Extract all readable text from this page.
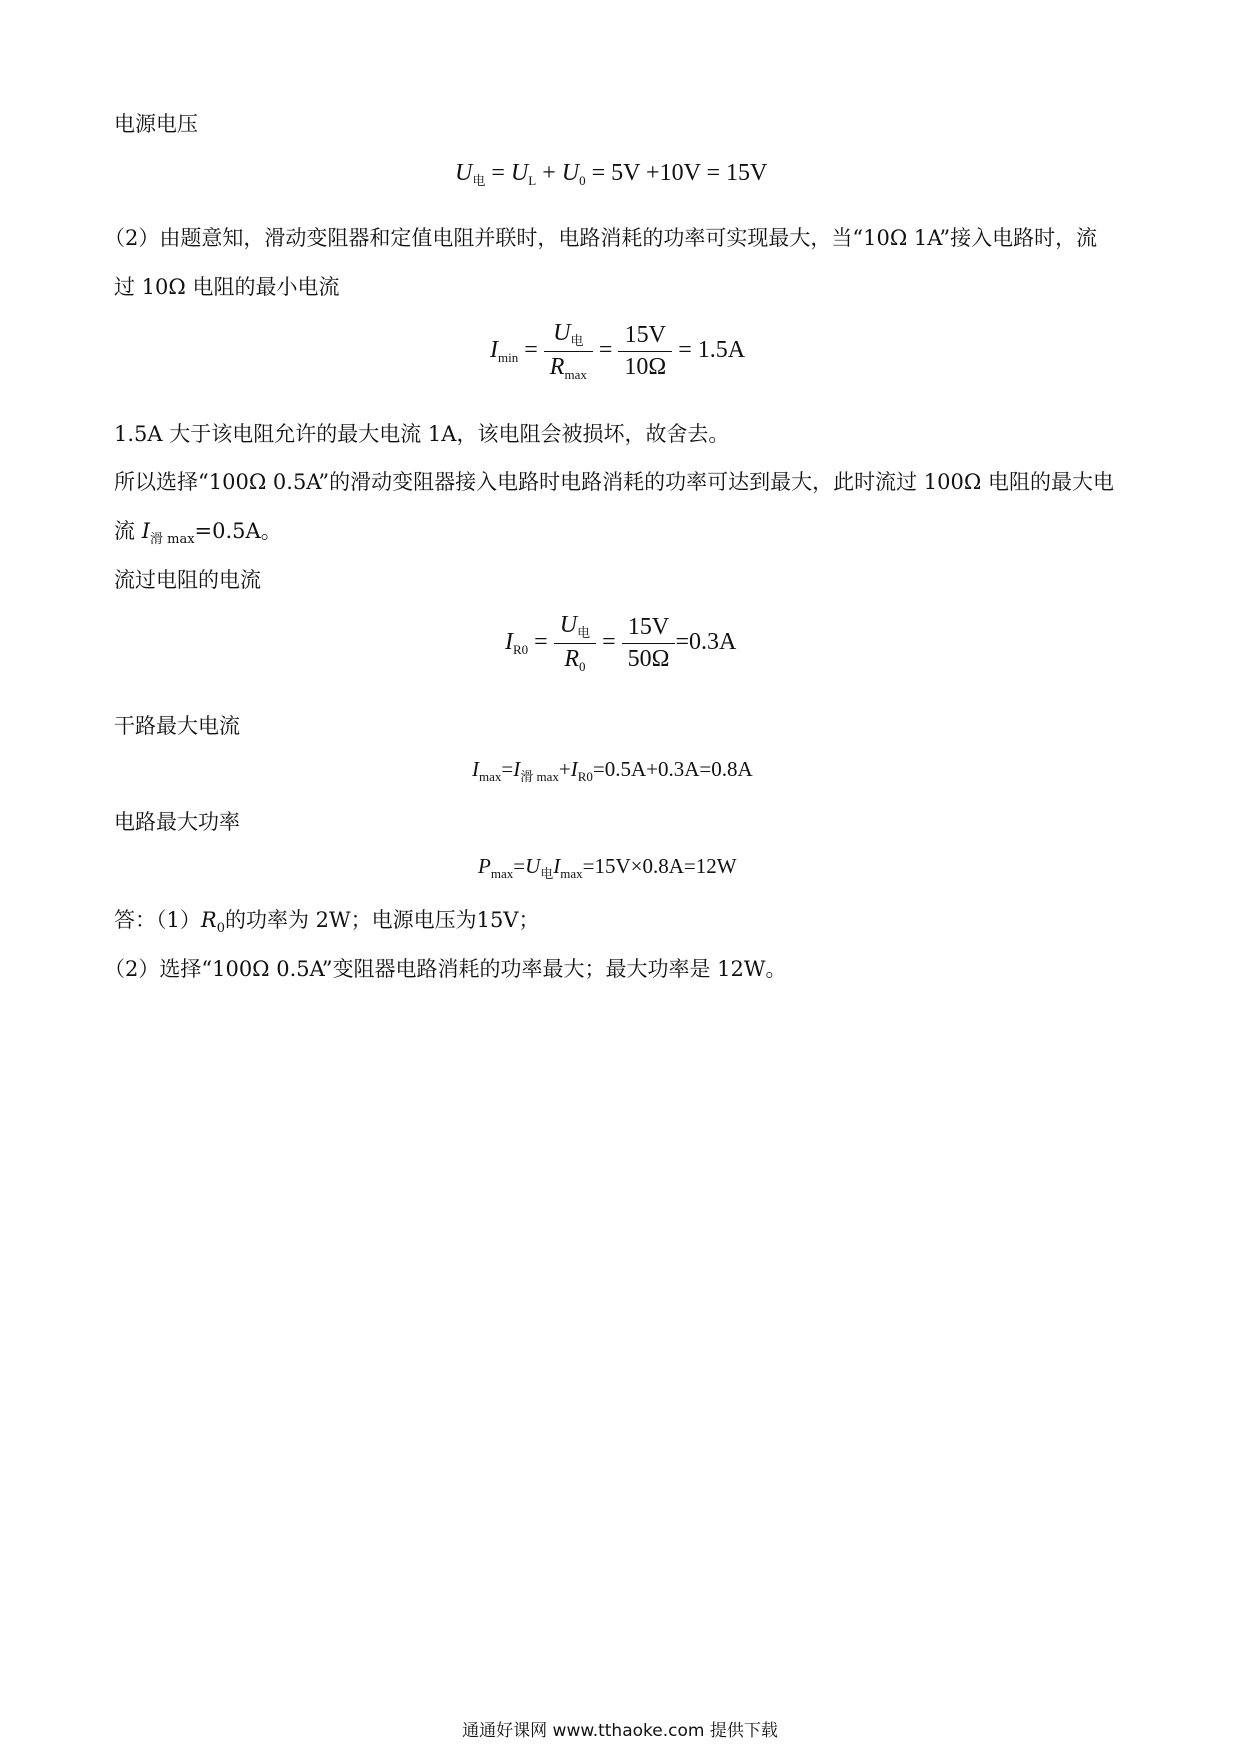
电源电压
$U_电 = U_L + U_0 = 5V +10V = 15V$
（2）由题意知，滑动变阻器和定值电阻并联时，电路消耗的功率可实现最大，当“10Ω 1A”接入电路时，流
过 10Ω 电阻的最小电流
$I_{min} = \frac{U_电}{R_{max}} = \frac{15V}{10\Omega} = 1.5A$
1.5A 大于该电阻允许的最大电流 1A，该电阻会被损坏，故舍去。
所以选择“100Ω 0.5A”的滑动变阻器接入电路时电路消耗的功率可达到最大，此时流过 100Ω 电阻的最大电
流 $I_{滑 max}=0.5A$。
流过电阻的电流
$I_{R0} = \frac{U_电}{R_0} = \frac{15V}{50\Omega} =0.3A$
干路最大电流
$I_{max}=I_{滑 max}+I_{R0}=0.5A+0.3A=0.8A$
电路最大功率
$P_{max}=U_电I_{max}=15V\times 0.8A=12W$
答：$(1)R_0$的功率为 2W；电源电压为15V；
（2）选择“100Ω 0.5A”变阻器电路消耗的功率最大；最大功率是 12W。
通通好课网 www.tthaoke.com 提供下载
